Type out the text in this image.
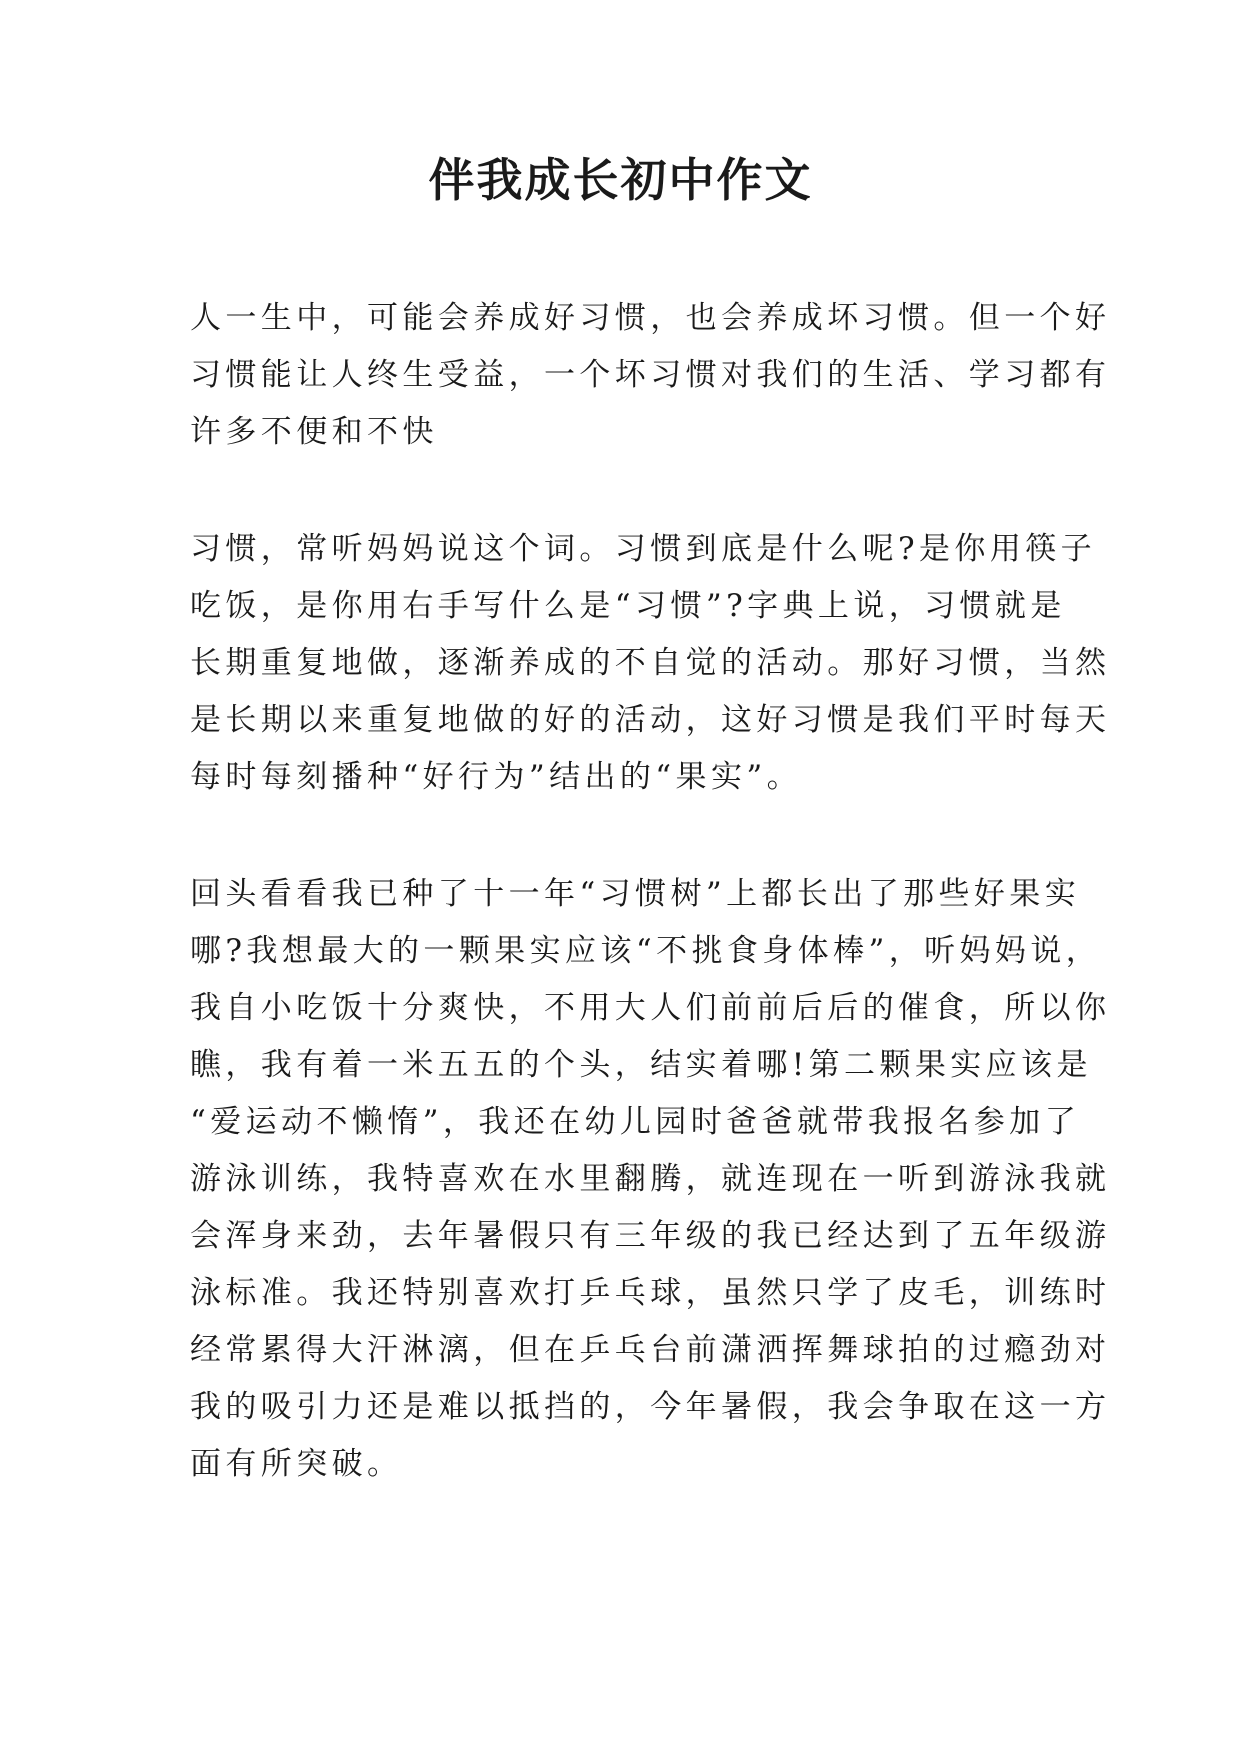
伴我成长初中作文

人一生中，可能会养成好习惯，也会养成坏习惯。但一个好
习惯能让人终生受益，一个坏习惯对我们的生活、学习都有
许多不便和不快

习惯，常听妈妈说这个词。习惯到底是什么呢?是你用筷子
吃饭，是你用右手写什么是“习惯”?字典上说，习惯就是
长期重复地做，逐渐养成的不自觉的活动。那好习惯，当然
是长期以来重复地做的好的活动，这好习惯是我们平时每天
每时每刻播种“好行为”结出的“果实”。

回头看看我已种了十一年“习惯树”上都长出了那些好果实
哪?我想最大的一颗果实应该“不挑食身体棒”，听妈妈说，
我自小吃饭十分爽快，不用大人们前前后后的催食，所以你
瞧，我有着一米五五的个头，结实着哪!第二颗果实应该是
“爱运动不懒惰”，我还在幼儿园时爸爸就带我报名参加了
游泳训练，我特喜欢在水里翻腾，就连现在一听到游泳我就
会浑身来劲，去年暑假只有三年级的我已经达到了五年级游
泳标准。我还特别喜欢打乒乓球，虽然只学了皮毛，训练时
经常累得大汗淋漓，但在乒乓台前潇洒挥舞球拍的过瘾劲对
我的吸引力还是难以抵挡的，今年暑假，我会争取在这一方
面有所突破。
